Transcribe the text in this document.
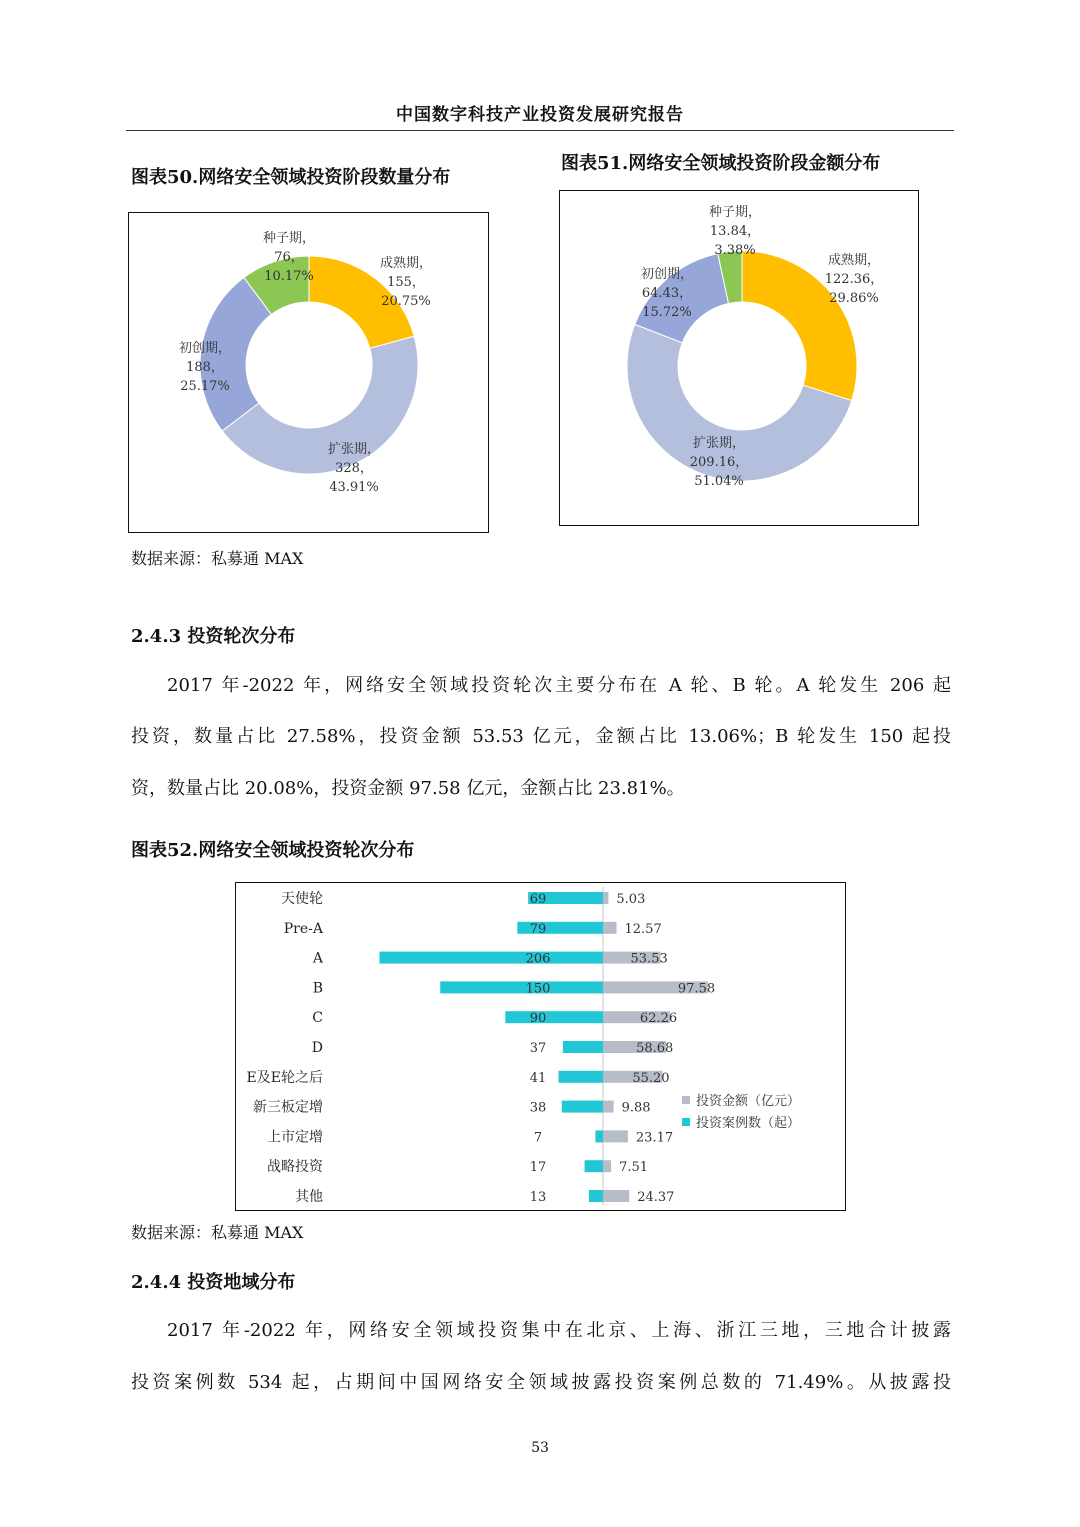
中国数字科技产业投资发展研究报告
图表50.网络安全领域投资阶段数量分布
图表51.网络安全领域投资阶段金额分布
成熟期，
155，
20.75%
扩张期，
328，
43.91%
初创期，
188，
25.17%
种子期，
76，
10.17%
成熟期，
122.36，
29.86%
扩张期，
209.16，
51.04%
初创期，
64.43，
15.72%
种子期，
13.84，
3.38%
数据来源：私募通 MAX
2.4.3 投资轮次分布

2017 年-2022 年，网络安全领域投资轮次主要分布在 A 轮、B 轮。A 轮发生 206 起

投资，数量占比 27.58%，投资金额 53.53 亿元，金额占比 13.06%；B 轮发生 150 起投

资，数量占比 20.08%，投资金额 97.58 亿元，金额占比 23.81%。

图表52.网络安全领域投资轮次分布
天使轮	69	5.03
Pre-A	79	12.57
A	206	53.53
B	150	97.58
C	90	62.26
D	37	58.68
E及E轮之后	41	55.20
新三板定增	38	9.88
上市定增	7	23.17
战略投资	17	7.51
其他	13	24.37
投资金额（亿元）
投资案例数（起）
数据来源：私募通 MAX
2.4.4 投资地域分布

2017 年-2022 年，网络安全领域投资集中在北京、上海、浙江三地，三地合计披露

投资案例数 534 起，占期间中国网络安全领域披露投资案例总数的 71.49%。从披露投

53
